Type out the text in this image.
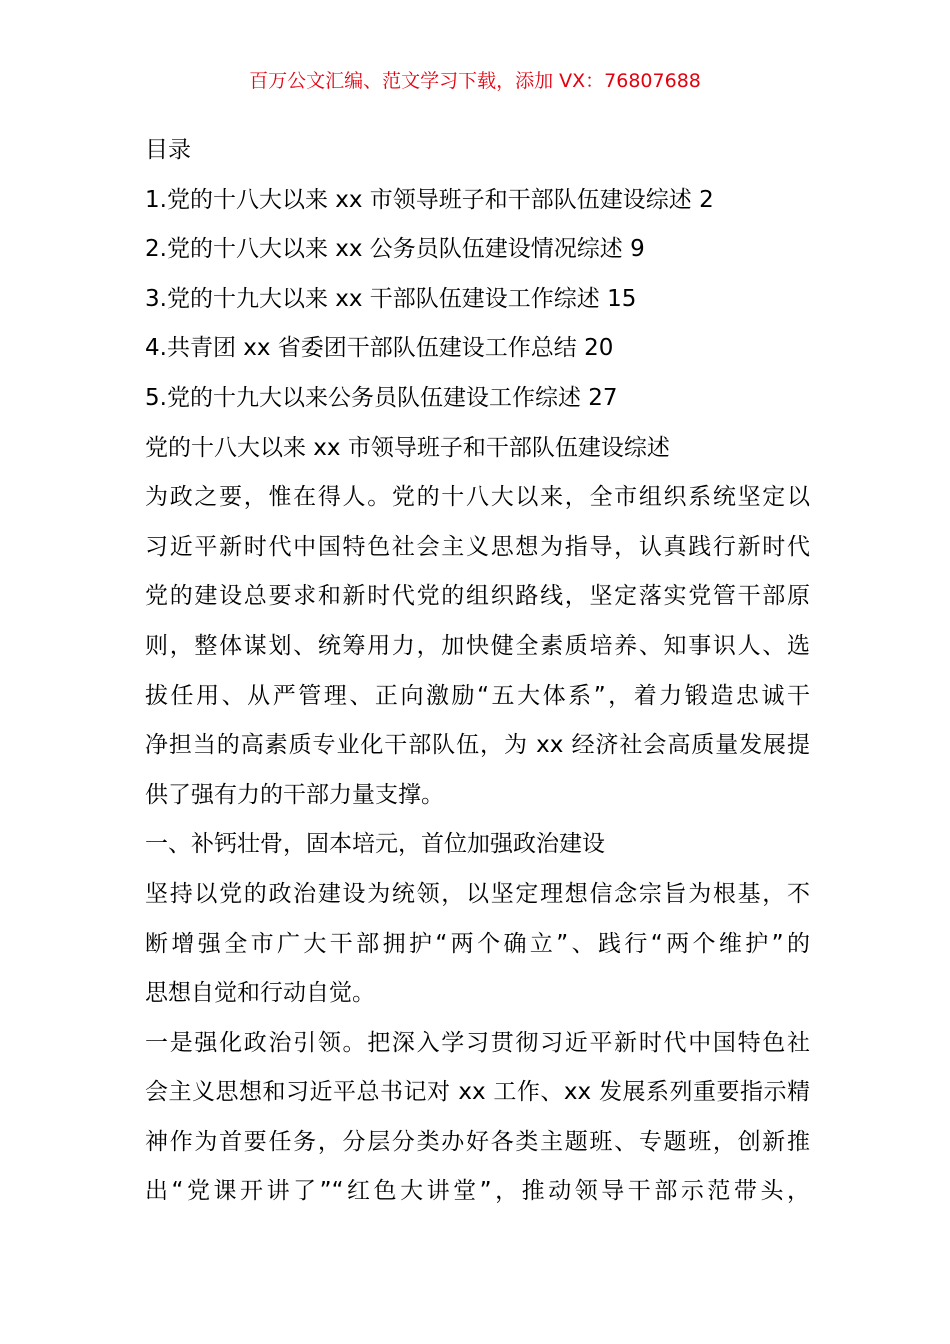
百万公文汇编、范文学习下载，添加 VX：76807688
目录
1.党的十八大以来 xx 市领导班子和干部队伍建设综述 2
2.党的十八大以来 xx 公务员队伍建设情况综述 9
3.党的十九大以来 xx 干部队伍建设工作综述 15
4.共青团 xx 省委团干部队伍建设工作总结 20
5.党的十九大以来公务员队伍建设工作综述 27
党的十八大以来 xx 市领导班子和干部队伍建设综述
为政之要，惟在得人。党的十八大以来，全市组织系统坚定以
习近平新时代中国特色社会主义思想为指导，认真践行新时代
党的建设总要求和新时代党的组织路线，坚定落实党管干部原
则，整体谋划、统筹用力，加快健全素质培养、知事识人、选
拔任用、从严管理、正向激励“五大体系”，着力锻造忠诚干
净担当的高素质专业化干部队伍，为 xx 经济社会高质量发展提
供了强有力的干部力量支撑。
一、补钙壮骨，固本培元，首位加强政治建设
坚持以党的政治建设为统领，以坚定理想信念宗旨为根基，不
断增强全市广大干部拥护“两个确立”、践行“两个维护”的
思想自觉和行动自觉。
一是强化政治引领。把深入学习贯彻习近平新时代中国特色社
会主义思想和习近平总书记对 xx 工作、xx 发展系列重要指示精
神作为首要任务，分层分类办好各类主题班、专题班，创新推
出“党课开讲了”“红色大讲堂”，推动领导干部示范带头，
